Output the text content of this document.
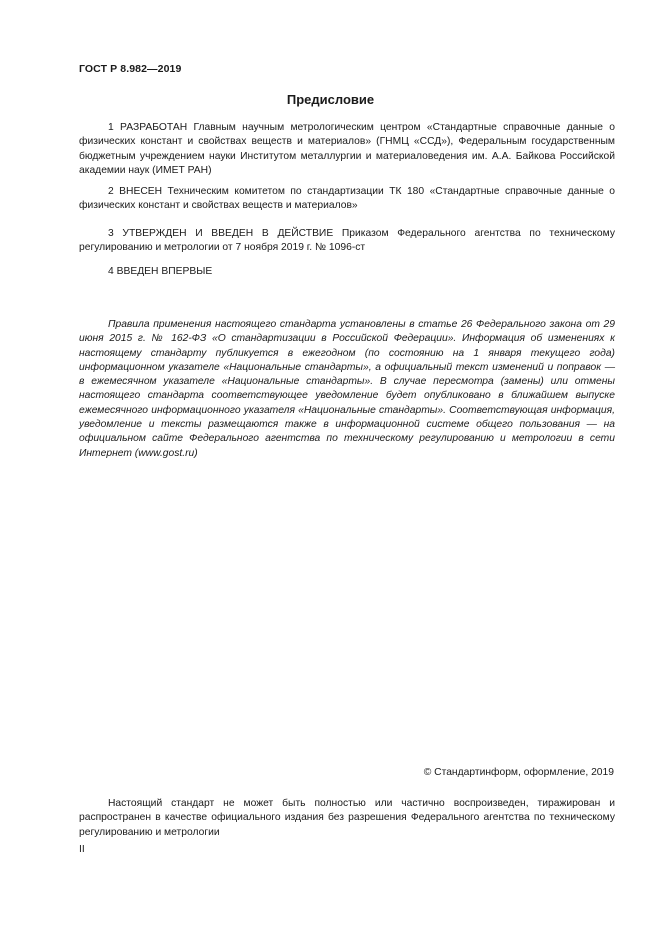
ГОСТ Р 8.982—2019
Предисловие

1 РАЗРАБОТАН Главным научным метрологическим центром «Стандартные справочные данные о физических констант и свойствах веществ и материалов» (ГНМЦ «ССД»), Федеральным государственным бюджетным учреждением науки Институтом металлургии и материаловедения им. А.А. Байкова Российской академии наук (ИМЕТ РАН)

2 ВНЕСЕН Техническим комитетом по стандартизации ТК 180 «Стандартные справочные данные о физических констант и свойствах веществ и материалов»

3 УТВЕРЖДЕН И ВВЕДЕН В ДЕЙСТВИЕ Приказом Федерального агентства по техническому регулированию и метрологии от 7 ноября 2019 г. № 1096-ст

4 ВВЕДЕН ВПЕРВЫЕ

Правила применения настоящего стандарта установлены в статье 26 Федерального закона от 29 июня 2015 г. № 162-ФЗ «О стандартизации в Российской Федерации». Информация об изменениях к настоящему стандарту публикуется в ежегодном (по состоянию на 1 января текущего года) информационном указателе «Национальные стандарты», а официальный текст изменений и поправок — в ежемесячном указателе «Национальные стандарты». В случае пересмотра (замены) или отмены настоящего стандарта соответствующее уведомление будет опубликовано в ближайшем выпуске ежемесячного информационного указателя «Национальные стандарты». Соответствующая информация, уведомление и тексты размещаются также в информационной системе общего пользования — на официальном сайте Федерального агентства по техническому регулированию и метрологии в сети Интернет (www.gost.ru)

© Стандартинформ, оформление, 2019

Настоящий стандарт не может быть полностью или частично воспроизведен, тиражирован и распространен в качестве официального издания без разрешения Федерального агентства по техническому регулированию и метрологии

II
